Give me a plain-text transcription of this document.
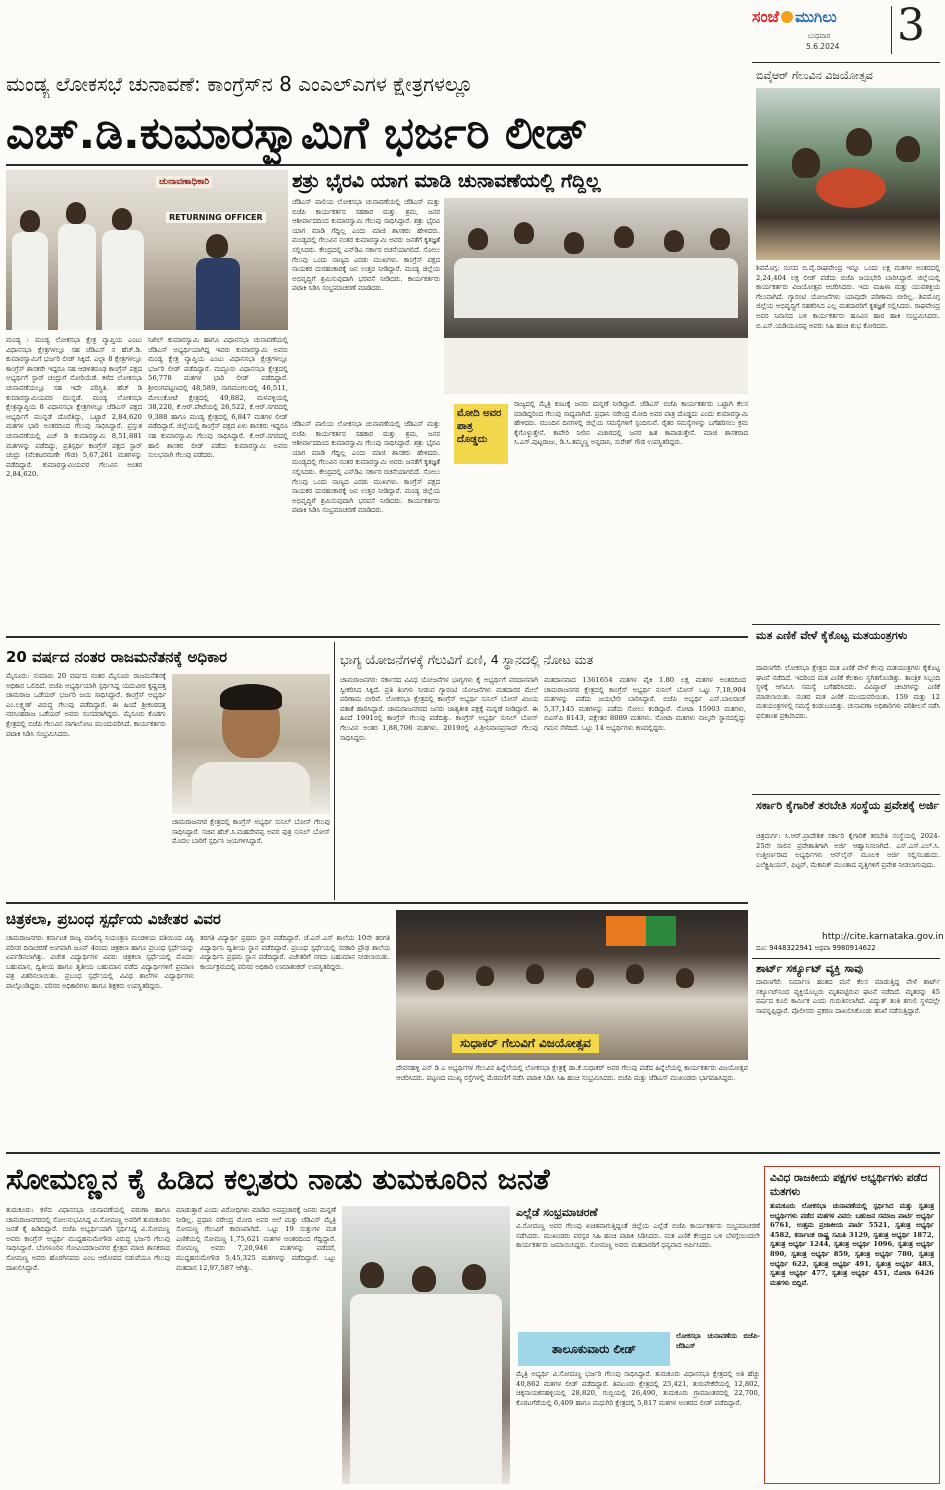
ಸಂಜೆ ಮುಗಿಲು
ಬುಧವಾರ
5.6.2024 3
ಮಂಡ್ಯ ಲೋಕಸಭೆ ಚುನಾವಣೆ: ಕಾಂಗ್ರೆಸ್‌ನ 8 ಎಂಎಲ್‌ಎಗಳ ಕ್ಷೇತ್ರಗಳಲ್ಲೂ
ಎಚ್.ಡಿ.ಕುಮಾರಸ್ವಾಮಿಗೆ ಭರ್ಜರಿ ಲೀಡ್
ಚುನಾವಣಾಧಿಕಾರಿ
RETURNING OFFICER
ಶತ್ರು ಭೈರವಿ ಯಾಗ ಮಾಡಿ ಚುನಾವಣೆಯಲ್ಲಿ ಗೆದ್ದಿಲ್ಲ
ಜೆಡಿಎಸ್ ಪಾಲಿಯ ಲೋಕಸಭಾ ಚುನಾವಣೆಯಲ್ಲಿ ಜೆಡಿಎಸ್ ಮತ್ತು ಬಿಜೆಪಿ ಕಾರ್ಯಕರ್ತರ ಸಹಕಾರ ಮತ್ತು ಶ್ರಮ, ಜನರ ಆಶೀರ್ವಾದದಿಂದ ಕುಮಾರಸ್ವಾಮಿ ಗೆಲುವು ಸಾಧಿಸಿದ್ದಾರೆ. ಶತ್ರು ಭೈರವಿ ಯಾಗ ಮಾಡಿ ಗೆದ್ದಿಲ್ಲ ಎಂದು ಮಾಜಿ ಶಾಸಕರು ಹೇಳಿದರು. ಮಂಡ್ಯದಲ್ಲಿ ಗೆಲುವಿನ ನಂತರ ಕುಮಾರಸ್ವಾಮಿ ಅವರು ಜನತೆಗೆ ಕೃತಜ್ಞತೆ ಸಲ್ಲಿಸಿದರು. ಕೇಂದ್ರದಲ್ಲಿ ಎನ್‌ಡಿಎ ಸರ್ಕಾರ ರಚನೆಯಾಗಲಿದೆ. ಸೋಲು ಗೆಲುವು ಒಂದು ನಾಣ್ಯದ ಎರಡು ಮುಖಗಳು. ಕಾಂಗ್ರೆಸ್ ಪಕ್ಷದ ನಾಯಕರ ದುರಹಂಕಾರಕ್ಕೆ ಜನ ಉತ್ತರ ನೀಡಿದ್ದಾರೆ. ಮಂಡ್ಯ ಜಿಲ್ಲೆಯ ಅಭಿವೃದ್ಧಿಗೆ ಶ್ರಮಿಸುವುದಾಗಿ ಭರವಸೆ ನೀಡಿದರು. ಕಾರ್ಯಕರ್ತರು ಪಟಾಕಿ ಸಿಡಿಸಿ ಸಂಭ್ರಮಾಚರಣೆ ಮಾಡಿದರು.
ಮಂಡ್ಯ : ಮಂಡ್ಯ ಲೋಕಸಭಾ ಕ್ಷೇತ್ರ ವ್ಯಾಪ್ತಿಯ ಎಂಟು ವಿಧಾನಸಭಾ ಕ್ಷೇತ್ರಗಳಲ್ಲೂ ಸಹ ಜೆಡಿಎಸ್ ನ ಹೆಚ್.ಡಿ. ಕುಮಾರಸ್ವಾಮಿಗೆ ಭರ್ಜರಿ ಲೀಡ್ ಸಿಕ್ಕಿದೆ. ಎಲ್ಲಾ 8 ಕ್ಷೇತ್ರಗಳಲ್ಲೂ ಕಾಂಗ್ರೆಸ್ ಶಾಸಕರೇ ಇದ್ದರೂ ಸಹ ಆಡಳಿತರೂಢ ಕಾಂಗ್ರೆಸ್ ಪಕ್ಷದ ಅಭ್ಯರ್ಥಿಗೆ ಸ್ಟಾರ್ ಚಂದ್ರುಗೆ ನೋರಿಯೆಡೆ. ಕಳೆದ ಲೋಕಸಭಾ ಚುನಾವಣೆಯಲ್ಲೂ ಸಹ ಇದೇ ಪರಿಸ್ಥಿತಿ. ಹೆಚ್ ಡಿ ಕುಮಾರಸ್ವಾಮಿಯವರ ಮುನ್ನಡೆ. ಮಂಡ್ಯ ಲೋಕಸಭಾ ಕ್ಷೇತ್ರವ್ಯಾಪ್ತಿಯ 8 ವಿಧಾನಸಭಾ ಕ್ಷೇತ್ರಗಳಲ್ಲೂ ಜೆಡಿಎಸ್ ಪಕ್ಷದ ಅಭ್ಯರ್ಥಿಗೆ ಮುನ್ನಡೆ ದೊರೆತಿದ್ದು, ಒಟ್ಟಾರೆ 2,84,620 ಮತಗಳ ಭಾರಿ ಅಂತರದಿಂದ ಗೆಲುವು ಸಾಧಿಸಿದ್ದಾರೆ. ಪ್ರಸ್ತುತ ಚುನಾವಣೆಯಲ್ಲಿ ಎಚ್ ಡಿ ಕುಮಾರಸ್ವಾಮಿ 8,51,881 ಮತಗಳನ್ನು ಪಡೆದಿದ್ದು, ಪ್ರತಿಸ್ಪರ್ಧಿ ಕಾಂಗ್ರೆಸ್ ಪಕ್ಷದ ಸ್ಟಾರ್ ಚಂದ್ರು (ವೆಂಕಟರಮಣೇ ಗೌಡ) 5,67,261 ಮತಗಳನ್ನು ಪಡೆದಿದ್ದಾರೆ. ಕುಮಾರಸ್ವಾಮಿಯವರ ಗೆಲುವಿನ ಅಂತರ 2,84,620.
ನಿಖಿಲ್ ಕುಮಾರಸ್ವಾಮಿ ಹಾಗೂ ವಿಧಾನಸಭಾ ಚುನಾವಣೆಯಲ್ಲಿ ಜೆಡಿಎಸ್ ಅಭ್ಯರ್ಥಿಯಾಗಿದ್ದ ಇವರು ಕುಮಾರಸ್ವಾಮಿ ಅವರು ಮಂಡ್ಯ ಕ್ಷೇತ್ರ ವ್ಯಾಪ್ತಿಯ ಎಂಟು ವಿಧಾನಸಭಾ ಕ್ಷೇತ್ರಗಳಲ್ಲೂ ಭರ್ಜರಿ ಲೀಡ್ ಪಡೆದಿದ್ದಾರೆ. ಮದ್ದೂರು ವಿಧಾನಸಭಾ ಕ್ಷೇತ್ರದಲ್ಲಿ 56,778 ಮತಗಳ ಭಾರಿ ಲೀಡ್ ಪಡೆದಿದ್ದಾರೆ. ಶ್ರೀರಂಗಪಟ್ಟಣದಲ್ಲಿ 48,589, ನಾಗಮಂಗಲದಲ್ಲಿ 46,511, ಮೇಲುಕೋಟೆ ಕ್ಷೇತ್ರದಲ್ಲಿ 49,882, ಮಳವಳ್ಳಿಯಲ್ಲಿ 38,220, ಕೆ.ಆರ್.ಪೇಟೆಯಲ್ಲಿ 26,522, ಕೆ.ಆರ್.ನಗರದಲ್ಲಿ 9,388 ಹಾಗೂ ಮಂಡ್ಯ ಕ್ಷೇತ್ರದಲ್ಲಿ 6,847 ಮತಗಳ ಲೀಡ್ ಪಡೆದಿದ್ದಾರೆ. ಜಿಲ್ಲೆಯಲ್ಲಿ ಕಾಂಗ್ರೆಸ್ ಪಕ್ಷದ ಏಳು ಶಾಸಕರು ಇದ್ದರೂ ಸಹ ಕುಮಾರಸ್ವಾಮಿ ಗೆಲುವು ಸಾಧಿಸಿದ್ದಾರೆ. ಕೆ.ಆರ್.ನಗರದಲ್ಲಿ ಹಾಲಿ ಶಾಸಕರ ಲೀಡ್ ಪಡೆದು ಕುಮಾರಸ್ವಾಮಿ ಅವರು ಸುಲಭವಾಗಿ ಗೆಲುವು ಪಡೆದರು.
ಜೆಡಿಎಸ್ ಪಾಲಿಯ ಲೋಕಸಭಾ ಚುನಾವಣೆಯಲ್ಲಿ ಜೆಡಿಎಸ್ ಮತ್ತು ಬಿಜೆಪಿ ಕಾರ್ಯಕರ್ತರ ಸಹಕಾರ ಮತ್ತು ಶ್ರಮ, ಜನರ ಆಶೀರ್ವಾದದಿಂದ ಕುಮಾರಸ್ವಾಮಿ ಗೆಲುವು ಸಾಧಿಸಿದ್ದಾರೆ. ಶತ್ರು ಭೈರವಿ ಯಾಗ ಮಾಡಿ ಗೆದ್ದಿಲ್ಲ ಎಂದು ಮಾಜಿ ಶಾಸಕರು ಹೇಳಿದರು. ಮಂಡ್ಯದಲ್ಲಿ ಗೆಲುವಿನ ನಂತರ ಕುಮಾರಸ್ವಾಮಿ ಅವರು ಜನತೆಗೆ ಕೃತಜ್ಞತೆ ಸಲ್ಲಿಸಿದರು. ಕೇಂದ್ರದಲ್ಲಿ ಎನ್‌ಡಿಎ ಸರ್ಕಾರ ರಚನೆಯಾಗಲಿದೆ. ಸೋಲು ಗೆಲುವು ಒಂದು ನಾಣ್ಯದ ಎರಡು ಮುಖಗಳು. ಕಾಂಗ್ರೆಸ್ ಪಕ್ಷದ ನಾಯಕರ ದುರಹಂಕಾರಕ್ಕೆ ಜನ ಉತ್ತರ ನೀಡಿದ್ದಾರೆ. ಮಂಡ್ಯ ಜಿಲ್ಲೆಯ ಅಭಿವೃದ್ಧಿಗೆ ಶ್ರಮಿಸುವುದಾಗಿ ಭರವಸೆ ನೀಡಿದರು. ಕಾರ್ಯಕರ್ತರು ಪಟಾಕಿ ಸಿಡಿಸಿ ಸಂಭ್ರಮಾಚರಣೆ ಮಾಡಿದರು.
ಮೋದಿ ಅವರ ಪಾತ್ರ ದೊಡ್ಡದು
ರಾಜ್ಯದಲ್ಲಿ ಮೈತ್ರಿ ಕೂಟಕ್ಕೆ ಜನರು ಮನ್ನಣೆ ನೀಡಿದ್ದಾರೆ. ಜೆಡಿಎಸ್ ಬಿಜೆಪಿ ಕಾರ್ಯಕರ್ತರು ಒಟ್ಟಾಗಿ ಕೆಲಸ ಮಾಡಿದ್ದರಿಂದ ಗೆಲುವು ಸಾಧ್ಯವಾಗಿದೆ. ಪ್ರಧಾನಿ ನರೇಂದ್ರ ಮೋದಿ ಅವರ ಪಾತ್ರ ದೊಡ್ಡದು ಎಂದು ಕುಮಾರಸ್ವಾಮಿ ಹೇಳಿದರು. ಮುಂದಿನ ದಿನಗಳಲ್ಲಿ ಜಿಲ್ಲೆಯ ಸಮಸ್ಯೆಗಳಿಗೆ ಸ್ಪಂದಿಸುವೆ. ರೈತರ ಸಮಸ್ಯೆಗಳನ್ನು ಬಗೆಹರಿಸಲು ಕ್ರಮ ಕೈಗೊಳ್ಳುತ್ತೇನೆ. ಕಾವೇರಿ ನೀರಿನ ವಿಚಾರದಲ್ಲಿ ಜನರ ಹಿತ ಕಾಪಾಡುತ್ತೇನೆ. ಮಾಜಿ ಶಾಸಕರಾದ ಸಿ.ಎಸ್.ಪುಟ್ಟರಾಜು, ಡಿ.ಸಿ.ತಮ್ಮಣ್ಣ ಅನ್ನದಾನಿ, ಸುರೇಶ್ ಗೌಡ ಉಪಸ್ಥಿತರಿದ್ದರು.
ಬಿವೈಆರ್ ಗೆಲುವಿನ ವಿಜಯೋತ್ಸವ
ಶಿವಮೊಗ್ಗ: ಸಂಸದ ಬಿ.ವೈ.ರಾಘವೇಂದ್ರ ಇನ್ನೂ ಒಂದು ಲಕ್ಷ ಮತಗಳ ಅಂತರದಲ್ಲಿ 2,24,404 ಲಕ್ಷ ಲೀಡ್ ಪಡೆದು ಬಿಜೆಪಿ ಜಯಭೇರಿ ಬಾರಿಸಿದ್ದಾರೆ. ಜಿಲ್ಲೆಯಲ್ಲಿ ಕಾರ್ಯಕರ್ತರು ವಿಜಯೋತ್ಸವ ಆಚರಿಸಿದರು. ಇದು ಮಹಿಳಾ ಮತ್ತು ಯುವಶಕ್ತಿಯ ಗೆಲುವಾಗಿದೆ. ಗ್ಯಾರಂಟಿ ಯೋಜನೆಗಳು ಯಾವುದೇ ಪರಿಣಾಮ ಬೀರಿಲ್ಲ. ಶಿವಮೊಗ್ಗ ಜಿಲ್ಲೆಯ ಅಭಿವೃದ್ಧಿಗೆ ಸಹಕರಿಸಿದ ಎಲ್ಲ ಮತದಾರರಿಗೆ ಕೃತಜ್ಞತೆ ಸಲ್ಲಿಸಿದರು. ರಾಘವೇಂದ್ರ ಅವರ ನಿವಾಸದ ಬಳಿ ಕಾರ್ಯಕರ್ತರು ಹೂವಿನ ಹಾರ ಹಾಕಿ ಸಂಭ್ರಮಿಸಿದರು. ಬಿ.ಎಸ್.ಯಡಿಯೂರಪ್ಪ ಅವರು ಸಿಹಿ ಹಂಚಿ ಶುಭ ಕೋರಿದರು.
ಮತ ಎಣಿಕೆ ವೇಳೆ ಕೈಕೊಟ್ಟ ಮತಯಂತ್ರಗಳು
ದಾವಣಗೆರೆ: ಲೋಕಸಭಾ ಕ್ಷೇತ್ರದ ಮತ ಎಣಿಕೆ ವೇಳೆ ಕೆಲವು ಮತಯಂತ್ರಗಳು ಕೈಕೊಟ್ಟ ಘಟನೆ ನಡೆದಿದೆ. ಇದರಿಂದ ಮತ ಎಣಿಕೆ ಕೆಲಕಾಲ ಸ್ಥಗಿತಗೊಂಡಿತ್ತು. ತಾಂತ್ರಿಕ ಸಿಬ್ಬಂದಿ ಸ್ಥಳಕ್ಕೆ ಆಗಮಿಸಿ ಸಮಸ್ಯೆ ಬಗೆಹರಿಸಿದರು. ವಿವಿಪ್ಯಾಟ್ ಚೀಟಿಗಳನ್ನು ಎಣಿಕೆ ಮಾಡಲಾಯಿತು. ನಂತರ ಮತ ಎಣಿಕೆ ಮುಂದುವರಿಯಿತು. 159 ಮತ್ತು 12 ಮತಯಂತ್ರಗಳಲ್ಲಿ ಸಮಸ್ಯೆ ಕಂಡುಬಂದಿತ್ತು. ಚುನಾವಣಾ ಅಧಿಕಾರಿಗಳು ಪರಿಶೀಲನೆ ನಡೆಸಿ ಫಲಿತಾಂಶ ಪ್ರಕಟಿಸಿದರು.
ಸರ್ಕಾರಿ ಕೈಗಾರಿಕೆ ತರಬೇತಿ ಸಂಸ್ಥೆಯ ಪ್ರವೇಶಕ್ಕೆ ಅರ್ಜಿ
ಚಿತ್ರದುರ್ಗ: ಸಿ.ಆರ್.ಪ್ರಾದೇಶಿಕ ಸರ್ಕಾರಿ ಕೈಗಾರಿಕೆ ತರಬೇತಿ ಸಂಸ್ಥೆಯಲ್ಲಿ 2024-25ನೇ ಸಾಲಿನ ಪ್ರವೇಶಾತಿಗಾಗಿ ಅರ್ಜಿ ಆಹ್ವಾನಿಸಲಾಗಿದೆ. ಎಸ್.ಎಸ್.ಎಲ್.ಸಿ. ಉತ್ತೀರ್ಣರಾದ ಅಭ್ಯರ್ಥಿಗಳು ಆನ್‌ಲೈನ್ ಮೂಲಕ ಅರ್ಜಿ ಸಲ್ಲಿಸಬಹುದು. ಎಲೆಕ್ಟ್ರಿಷಿಯನ್, ಫಿಟ್ಟರ್, ಮೆಕಾನಿಕ್ ಮುಂತಾದ ವೃತ್ತಿಗಳಿಗೆ ಪ್ರವೇಶ ನೀಡಲಾಗುವುದು.
http://cite.karnataka.gov.in
ದೂ: 9448322941 ಅಥವಾ 9980914622
ಶಾರ್ಟ್ ಸರ್ಕ್ಯೂಟ್ ವ್ಯಕ್ತಿ ಸಾವು
ದಾವಣಗೆರೆ: ನಿರ್ಮಾಣ ಹಂತದ ಮನೆ ಕೆಲಸ ಮಾಡುತ್ತಿದ್ದ ವೇಳೆ ಶಾರ್ಟ್ ಸರ್ಕ್ಯೂಟ್‌ನಿಂದ ವ್ಯಕ್ತಿಯೊಬ್ಬರು ಮೃತಪಟ್ಟಿರುವ ಘಟನೆ ನಡೆದಿದೆ. ಮೃತರನ್ನು 45 ವರ್ಷದ ಕೂಲಿ ಕಾರ್ಮಿಕ ಎಂದು ಗುರುತಿಸಲಾಗಿದೆ. ವಿದ್ಯುತ್ ತಂತಿ ತಗುಲಿ ಸ್ಥಳದಲ್ಲೇ ಸಾವನ್ನಪ್ಪಿದ್ದಾರೆ. ಪೊಲೀಸರು ಪ್ರಕರಣ ದಾಖಲಿಸಿಕೊಂಡು ತನಿಖೆ ನಡೆಸುತ್ತಿದ್ದಾರೆ.
20 ವರ್ಷದ ನಂತರ ರಾಜಮನೆತನಕ್ಕೆ ಅಧಿಕಾರ
ಮೈಸೂರು: ಸುಮಾರು 20 ವರ್ಷದ ನಂತರ ಮೈಸೂರು ರಾಜಮನೆತನಕ್ಕೆ ಅಧಿಕಾರ ಒಲಿದಿದೆ. ಬಿಜೆಪಿ ಅಭ್ಯರ್ಥಿಯಾಗಿ ಸ್ಪರ್ಧಿಸಿದ್ದ ಯದುವೀರ ಕೃಷ್ಣದತ್ತ ಚಾಮರಾಜ ಒಡೆಯರ್ ಭರ್ಜರಿ ಜಯ ಸಾಧಿಸಿದ್ದಾರೆ. ಕಾಂಗ್ರೆಸ್ ಅಭ್ಯರ್ಥಿ ಎಂ.ಲಕ್ಷ್ಮಣ್ ವಿರುದ್ಧ ಗೆಲುವು ಪಡೆದಿದ್ದಾರೆ. ಈ ಹಿಂದೆ ಶ್ರೀಕಂಠದತ್ತ ನರಸಿಂಹರಾಜ ಒಡೆಯರ್ ಅವರು ಸಂಸದರಾಗಿದ್ದರು. ಮೈಸೂರು ಕೊಡಗು ಕ್ಷೇತ್ರದಲ್ಲಿ ಬಿಜೆಪಿ ಗೆಲುವಿನ ನಾಗಾಲೋಟ ಮುಂದುವರಿಸಿದೆ. ಕಾರ್ಯಕರ್ತರು ಪಟಾಕಿ ಸಿಡಿಸಿ ಸಂಭ್ರಮಿಸಿದರು.
ಚಾಮರಾಜನಗರ ಕ್ಷೇತ್ರದಲ್ಲಿ ಕಾಂಗ್ರೆಸ್ ಅಭ್ಯರ್ಥಿ ಸುನಿಲ್ ಬೋಸ್ ಗೆಲುವು ಸಾಧಿಸಿದ್ದಾರೆ. ಸಚಿವ ಹೆಚ್.ಸಿ.ಮಹದೇವಪ್ಪ ಅವರ ಪುತ್ರ ಸುನಿಲ್ ಬೋಸ್ ಮೊದಲ ಬಾರಿಗೆ ಸ್ಪರ್ಧಿಸಿ ಜಯಗಳಿಸಿದ್ದಾರೆ.
ಭಾಗ್ಯ ಯೋಜನೆಗಳಕ್ಕೆ ಗೆಲುವಿಗೆ ಏಣಿ, 4 ಸ್ಥಾನದಲ್ಲಿ ನೋಟ ಮತ
ಚಾಮರಾಜನಗರ: ಸರ್ಕಾರದ ವಿವಿಧ ಯೋಜನೆಗಳ ಭಾಗ್ಯಗಳು ಕೈ ಅಭ್ಯರ್ಥಿಗೆ ವರದಾನವಾಗಿ ಸ್ವೀಕರಿಸಿದ ಸಿಕ್ಕಿದೆ. ಪ್ರತಿ ತಿಂಗಳು ನೀಡುವ ಗ್ಯಾರಂಟಿ ಯೋಜನೆಗಳು ಮತದಾರರ ಮೇಲೆ ಪರಿಣಾಮ ಬೀರಿವೆ. ಲೋಕಸಭಾ ಕ್ಷೇತ್ರದಲ್ಲಿ ಕಾಂಗ್ರೆಸ್ ಅಭ್ಯರ್ಥಿ ಸುನಿಲ್ ಬೋಸ್ ವಿಜಯ ಪತಾಕೆ ಹಾರಿಸಿದ್ದಾರೆ. ಚಾಮರಾಜನಗರದ ಜನರು ಜಾತ್ಯತೀತ ಪಕ್ಷಕ್ಕೆ ಮನ್ನಣೆ ನೀಡಿದ್ದಾರೆ. ಈ ಹಿಂದೆ 1991ರಲ್ಲಿ ಕಾಂಗ್ರೆಸ್ ಗೆಲುವು ಪಡೆದಿತ್ತು. ಕಾಂಗ್ರೆಸ್ ಅಭ್ಯರ್ಥಿ ಸುನಿಲ್ ಬೋಸ್ ಗೆಲುವಿನ ಅಂತರ 1,88,706 ಮತಗಳು. 2019ರಲ್ಲಿ ವಿ.ಶ್ರೀನಿವಾಸಪ್ರಸಾದ್ ಗೆಲುವು ಸಾಧಿಸಿದ್ದರು.
ಮತದಾನವಾದ 1361654 ಮತಗಳ ಪೈಕಿ 1.80 ಲಕ್ಷ ಮತಗಳ ಅಂತರದಿಂದ ಚಾಮರಾಜನಗರ ಕ್ಷೇತ್ರದಲ್ಲಿ ಕಾಂಗ್ರೆಸ್ ಅಭ್ಯರ್ಥಿ ಸುನಿಲ್ ಬೋಸ್ ಒಟ್ಟು 7,18,904 ಮತಗಳನ್ನು ಪಡೆದು ಜಯಭೇರಿ ಬಾರಿಸಿದ್ದಾರೆ. ಬಿಜೆಪಿ ಅಭ್ಯರ್ಥಿ ಎಸ್.ಬಾಲರಾಜ್ 5,37,145 ಮತಗಳನ್ನು ಪಡೆದು ಸೋಲು ಕಂಡಿದ್ದಾರೆ. ನೋಟಾ 15903 ಮತಗಳು, ಬಿಎಸ್‌ಪಿ 8143, ಪಕ್ಷೇತರ 8089 ಮತಗಳು. ನೋಟಾ ಮತಗಳು ನಾಲ್ಕನೇ ಸ್ಥಾನದಲ್ಲಿದ್ದು ಗಮನ ಸೆಳೆದಿದೆ. ಒಟ್ಟು 14 ಅಭ್ಯರ್ಥಿಗಳು ಕಣದಲ್ಲಿದ್ದರು.
ಚಿತ್ರಕಲಾ, ಪ್ರಬಂಧ ಸ್ಪರ್ಧೆಯ ವಿಜೇತರ ವಿವರ
ಚಾಮರಾಜನಗರ: ಕರ್ನಾಟಕ ರಾಜ್ಯ ಮಾಲಿನ್ಯ ನಿಯಂತ್ರಣ ಮಂಡಳಿಯ ವತಿಯಿಂದ ವಿಶ್ವ ಪರಿಸರ ದಿನಾಚರಣೆ ಅಂಗವಾಗಿ ಜೂನ್ 4ರಂದು ಚಿತ್ರಕಲಾ ಹಾಗೂ ಪ್ರಬಂಧ ಸ್ಪರ್ಧೆಯನ್ನು ಏರ್ಪಡಿಸಲಾಗಿತ್ತು. ವಿಜೇತ ವಿದ್ಯಾರ್ಥಿಗಳ ವಿವರ: ಚಿತ್ರಕಲಾ ಸ್ಪರ್ಧೆಯಲ್ಲಿ ಮೊದಲ ಬಹುಮಾನ, ದ್ವಿತೀಯ ಹಾಗೂ ತೃತೀಯ ಬಹುಮಾನ ಪಡೆದ ವಿದ್ಯಾರ್ಥಿಗಳಿಗೆ ಪ್ರಮಾಣ ಪತ್ರ ವಿತರಿಸಲಾಯಿತು. ಪ್ರಬಂಧ ಸ್ಪರ್ಧೆಯಲ್ಲಿ ವಿವಿಧ ಶಾಲೆಗಳ ವಿದ್ಯಾರ್ಥಿಗಳು ಪಾಲ್ಗೊಂಡಿದ್ದರು. ಪರಿಸರ ಅಧಿಕಾರಿಗಳು ಹಾಗೂ ಶಿಕ್ಷಕರು ಉಪಸ್ಥಿತರಿದ್ದರು.
ತರಗತಿ ವಿದ್ಯಾರ್ಥಿ ಪ್ರಥಮ ಸ್ಥಾನ ಪಡೆದಿದ್ದಾರೆ. ಜೆ.ಎಸ್.ಎಸ್ ಶಾಲೆಯ 10ನೇ ತರಗತಿ ವಿದ್ಯಾರ್ಥಿನಿ ದ್ವಿತೀಯ ಸ್ಥಾನ ಪಡೆದಿದ್ದಾರೆ. ಪ್ರಬಂಧ ಸ್ಪರ್ಧೆಯಲ್ಲಿ ಸರಕಾರಿ ಪ್ರೌಢ ಶಾಲೆಯ ವಿದ್ಯಾರ್ಥಿನಿ ಪ್ರಥಮ ಸ್ಥಾನ ಪಡೆದಿದ್ದಾರೆ. ವಿಜೇತರಿಗೆ ನಗದು ಬಹುಮಾನ ನೀಡಲಾಯಿತು. ಕಾರ್ಯಕ್ರಮದಲ್ಲಿ ಪರಿಸರ ಅಧಿಕಾರಿ ಉಮಾಶಂಕರ್ ಉಪಸ್ಥಿತರಿದ್ದರು.
ಸುಧಾಕರ್ ಗೆಲುವಿಗೆ ವಿಜಯೋತ್ಸವ
ದೇವನಹಳ್ಳಿ ಎನ್ ಡಿ ಎ ಅಭ್ಯರ್ಥಿಗಳ ಗೆಲುವಿನ ಹಿನ್ನೆಲೆಯಲ್ಲಿ ಲೋಕಸಭಾ ಕ್ಷೇತ್ರಕ್ಕೆ ಡಾ.ಕೆ.ಸುಧಾಕರ್ ಅವರ ಗೆಲುವು ಪಡೆದ ಹಿನ್ನೆಲೆಯಲ್ಲಿ ಕಾರ್ಯಕರ್ತರು ವಿಜಯೋತ್ಸವ ಆಚರಿಸಿದರು. ಪಟ್ಟಣದ ಮುಖ್ಯ ರಸ್ತೆಗಳಲ್ಲಿ ಮೆರವಣಿಗೆ ನಡೆಸಿ ಪಟಾಕಿ ಸಿಡಿಸಿ ಸಿಹಿ ಹಂಚಿ ಸಂಭ್ರಮಿಸಿದರು. ಬಿಜೆಪಿ ಮತ್ತು ಜೆಡಿಎಸ್ ಮುಖಂಡರು ಭಾಗವಹಿಸಿದ್ದರು.
ಸೋಮಣ್ಣನ ಕೈ ಹಿಡಿದ ಕಲ್ಪತರು ನಾಡು ತುಮಕೂರಿನ ಜನತೆ
ತುಮಕೂರು: ಕಳೆದ ವಿಧಾನಸಭಾ ಚುನಾವಣೆಯಲ್ಲಿ ವರುಣಾ ಹಾಗೂ ಚಾಮರಾಜನಗರದಲ್ಲಿ ಸೋಲನುಭವಿಸಿದ್ದ ವಿ.ಸೋಮಣ್ಣ ಅವರಿಗೆ ತುಮಕೂರಿನ ಜನತೆ ಕೈ ಹಿಡಿದಿದ್ದಾರೆ. ಬಿಜೆಪಿ ಅಭ್ಯರ್ಥಿಯಾಗಿ ಸ್ಪರ್ಧಿಸಿದ್ದ ವಿ.ಸೋಮಣ್ಣ ಅವರು ಕಾಂಗ್ರೆಸ್ ಅಭ್ಯರ್ಥಿ ಮುದ್ದಹನುಮೇಗೌಡ ವಿರುದ್ಧ ಭರ್ಜರಿ ಗೆಲುವು ಸಾಧಿಸಿದ್ದಾರೆ. ಬೆಂಗಳೂರಿನ ಗೋವಿಂದರಾಜನಗರ ಕ್ಷೇತ್ರದ ಮಾಜಿ ಶಾಸಕರಾದ ಸೋಮಣ್ಣ ಅವರು ಹೊರಗಿನವರು ಎಂಬ ಆರೋಪದ ನಡುವೆಯೂ ಗೆಲುವು ದಾಖಲಿಸಿದ್ದಾರೆ.
ಮಾಡುತ್ತಾರೆ ಎಂದು ವಿರೋಧಿಗಳು ಮಾಡಿದ ಅಪಪ್ರಚಾರಕ್ಕೆ ಜನರು ಮನ್ನಣೆ ನೀಡಿಲ್ಲ. ಪ್ರಧಾನಿ ನರೇಂದ್ರ ಮೋದಿ ಅವರ ಅಲೆ ಮತ್ತು ಜೆಡಿಎಸ್ ಮೈತ್ರಿ ಸೋಮಣ್ಣ ಗೆಲುವಿಗೆ ಕಾರಣವಾಗಿದೆ. ಒಟ್ಟು 19 ಸುತ್ತುಗಳ ಮತ ಎಣಿಕೆಯಲ್ಲಿ ಸೋಮಣ್ಣ 1,75,621 ಮತಗಳ ಅಂತರದಿಂದ ಗೆದ್ದಿದ್ದಾರೆ. ಸೋಮಣ್ಣ ಅವರು 7,20,946 ಮತಗಳನ್ನು ಪಡೆದರೆ, ಮುದ್ದಹನುಮೇಗೌಡ 5,45,325 ಮತಗಳನ್ನು ಪಡೆದಿದ್ದಾರೆ. ಒಟ್ಟು ಮತದಾನ 12,97,587 ಆಗಿತ್ತು.
ಎಲ್ಲೆಡೆ ಸಂಭ್ರಮಾಚರಣೆ
ವಿ.ಸೋಮಣ್ಣ ಅವರ ಗೆಲುವು ಖಚಿತವಾಗುತ್ತಿದ್ದಂತೆ ಜಿಲ್ಲೆಯ ಎಲ್ಲೆಡೆ ಬಿಜೆಪಿ ಕಾರ್ಯಕರ್ತರು ಸಂಭ್ರಮಾಚರಣೆ ನಡೆಸಿದರು. ಮುಖಂಡರು ಪರಸ್ಪರ ಸಿಹಿ ಹಂಚಿ ಪಟಾಕಿ ಸಿಡಿಸಿದರು. ಮತ ಎಣಿಕೆ ಕೇಂದ್ರದ ಬಳಿ ಬೆಳಗ್ಗೆಯಿಂದಲೇ ಕಾರ್ಯಕರ್ತರು ಜಮಾಯಿಸಿದ್ದರು. ಸೋಮಣ್ಣ ಅವರು ಮತದಾರರಿಗೆ ಧನ್ಯವಾದ ಅರ್ಪಿಸಿದರು.
ತಾಲೂಕುವಾರು ಲೀಡ್
ಲೋಕಸಭಾ ಚುನಾವಣೆಯ ಬಿಜೆಪಿ-ಜೆಡಿಎಸ್
ಮೈತ್ರಿ ಅಭ್ಯರ್ಥಿ ವಿ.ಸೋಮಣ್ಣ ಭರ್ಜರಿ ಗೆಲುವು ಸಾಧಿಸಿದ್ದಾರೆ. ತುಮಕೂರು ವಿಧಾನಸಭಾ ಕ್ಷೇತ್ರದಲ್ಲಿ ಅತಿ ಹೆಚ್ಚು 40,862 ಮತಗಳ ಲೀಡ್ ಪಡೆದಿದ್ದಾರೆ. ತಿಪಟೂರು ಕ್ಷೇತ್ರದಲ್ಲಿ 25,421, ತುರುವೇಕೆರೆಯಲ್ಲಿ 12,802, ಚಿಕ್ಕನಾಯಕನಹಳ್ಳಿಯಲ್ಲಿ 28,820, ಗುಬ್ಬಿಯಲ್ಲಿ 26,490, ತುಮಕೂರು ಗ್ರಾಮಾಂತರದಲ್ಲಿ 22,700, ಕೊರಟಗೆರೆಯಲ್ಲಿ 6,409 ಹಾಗೂ ಮಧುಗಿರಿ ಕ್ಷೇತ್ರದಲ್ಲಿ 5,817 ಮತಗಳ ಅಂತರದ ಲೀಡ್ ಪಡೆದಿದ್ದಾರೆ.
ವಿವಿಧ ರಾಜಕೀಯ ಪಕ್ಷಗಳ ಅಭ್ಯರ್ಥಿಗಳು ಪಡೆದ ಮತಗಳು
ತುಮಕೂರು ಲೋಕಸಭಾ ಚುನಾವಣೆಯಲ್ಲಿ ಸ್ಪರ್ಧಿಸಿದ ಮತ್ತು ಸ್ವತಂತ್ರ ಅಭ್ಯರ್ಥಿಗಳು ಪಡೆದ ಮತಗಳ ವಿವರ: ಬಹುಜನ ಸಮಾಜ ಪಾರ್ಟಿ ಅಭ್ಯರ್ಥಿ 6761, ಉತ್ತಮ ಪ್ರಜಾಕೀಯ ಪಾರ್ಟಿ 5521, ಸ್ವತಂತ್ರ ಅಭ್ಯರ್ಥಿ 4582, ಕರ್ನಾಟಕ ರಾಷ್ಟ್ರ ಸಮಿತಿ 3129, ಸ್ವತಂತ್ರ ಅಭ್ಯರ್ಥಿ 1872, ಸ್ವತಂತ್ರ ಅಭ್ಯರ್ಥಿ 1244, ಸ್ವತಂತ್ರ ಅಭ್ಯರ್ಥಿ 1096, ಸ್ವತಂತ್ರ ಅಭ್ಯರ್ಥಿ 890, ಸ್ವತಂತ್ರ ಅಭ್ಯರ್ಥಿ 859, ಸ್ವತಂತ್ರ ಅಭ್ಯರ್ಥಿ 780, ಸ್ವತಂತ್ರ ಅಭ್ಯರ್ಥಿ 622, ಸ್ವತಂತ್ರ ಅಭ್ಯರ್ಥಿ 491, ಸ್ವತಂತ್ರ ಅಭ್ಯರ್ಥಿ 483, ಸ್ವತಂತ್ರ ಅಭ್ಯರ್ಥಿ 477, ಸ್ವತಂತ್ರ ಅಭ್ಯರ್ಥಿ 451, ನೋಟಾ 6426 ಮತಗಳು ಬಿದ್ದಿವೆ.
